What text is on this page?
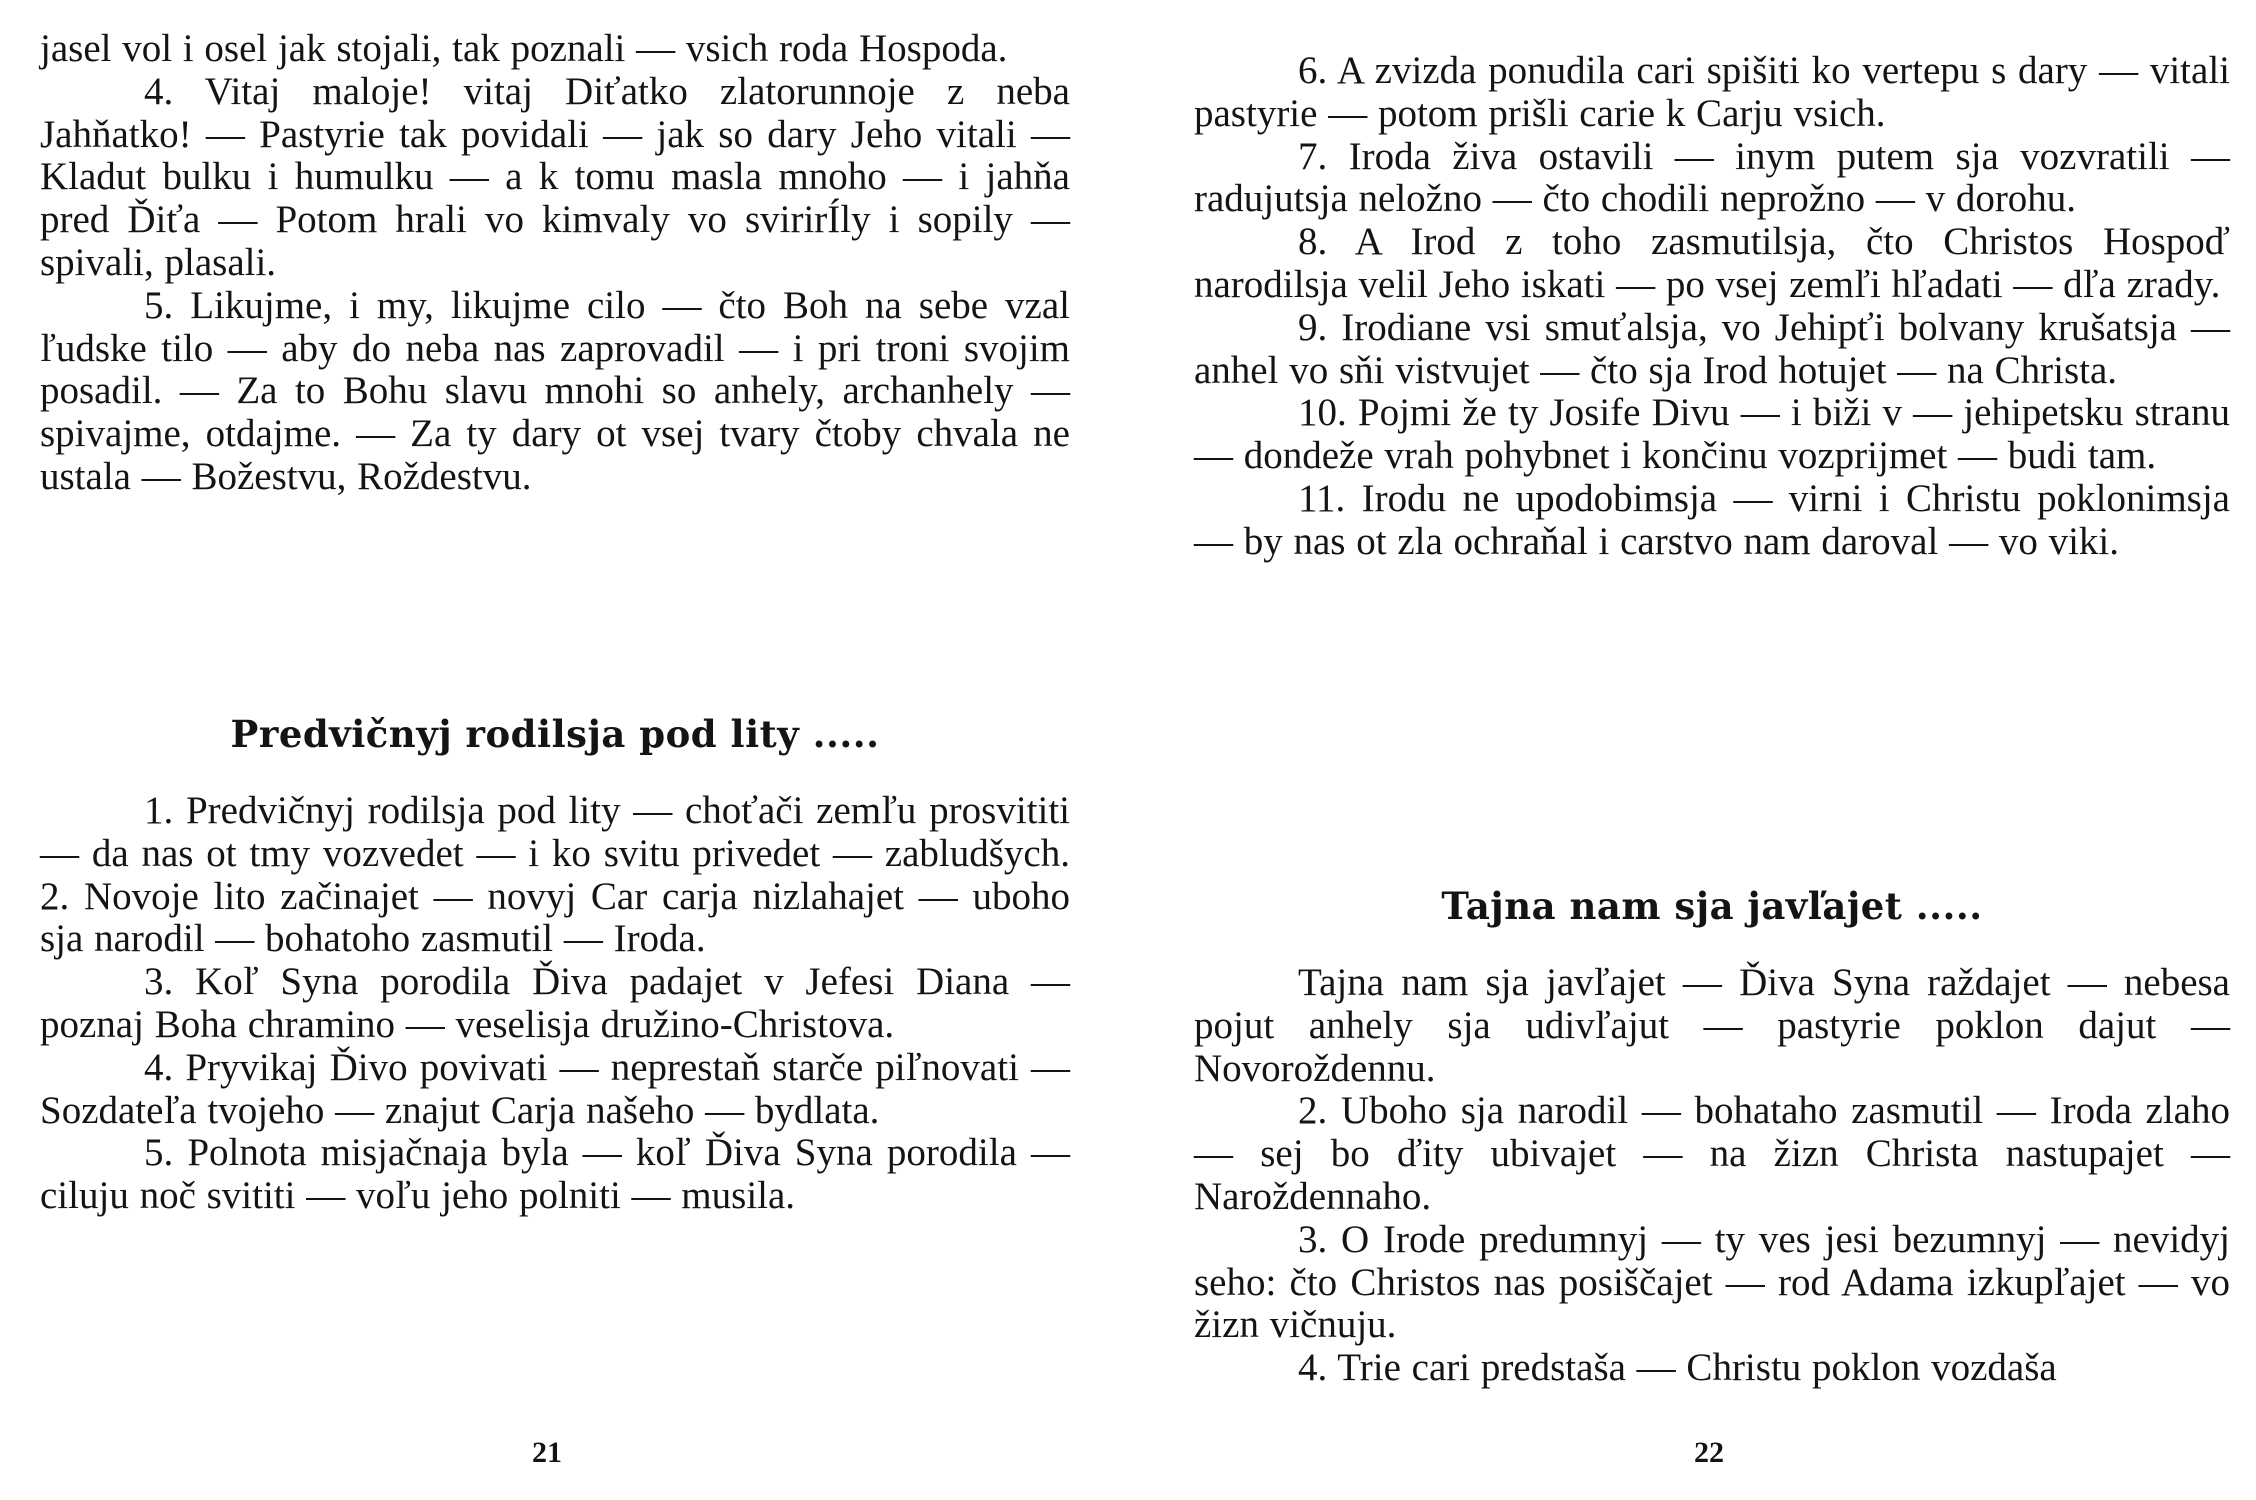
jasel vol i osel jak stojali, tak poznali — vsich roda Hospoda.

4. Vitaj maloje! vitaj Diťatko zlatorunnoje z neba Jahňatko! — Pastyrie tak povidali — jak so dary Jeho vitali — Kladut bulku i humulku — a k tomu masla mnoho — i jahňa pred Ďiťa — Potom hrali vo kimvaly vo svirirÍly i sopily — spivali, plasali.

5. Likujme, i my, likujme cilo — čto Boh na sebe vzal ľudske tilo — aby do neba nas zaprovadil — i pri troni svojim posadil. — Za to Bohu slavu mnohi so anhely, archanhely — spivajme, otdajme. — Za ty dary ot vsej tvary čtoby chvala ne ustala — Božestvu, Roždestvu.

Predvičnyj rodilsja pod lity .....

1. Predvičnyj rodilsja pod lity — choťači zemľu prosvititi — da nas ot tmy vozvedet — i ko svitu privedet — zabludšych. 2. Novoje lito začinajet — novyj Car carja nizlahajet — uboho sja narodil — bohatoho zasmutil — Iroda.

3. Koľ Syna porodila Ďiva padajet v Jefesi Diana — poznaj Boha chramino — veselisja družino-Christova.

4. Pryvikaj Ďivo povivati — neprestaň starče piľnovati — Sozdateľa tvojeho — znajut Carja našeho — bydlata.

5. Polnota misjačnaja byla — koľ Ďiva Syna porodila — ciluju noč svititi — voľu jeho polniti — musila.

21

6. A zvizda ponudila cari spišiti ko vertepu s dary — vitali pastyrie — potom prišli carie k Carju vsich.

7. Iroda živa ostavili — inym putem sja vozvratili — radujutsja neložno — čto chodili neprožno — v dorohu.

8. A Irod z toho zasmutilsja, čto Christos Hospoď narodilsja velil Jeho iskati — po vsej zemľi hľadati — dľa zrady.

9. Irodiane vsi smuťalsja, vo Jehipťi bolvany krušatsja — anhel vo sňi vistvujet — čto sja Irod hotujet — na Christa.

10. Pojmi že ty Josife Divu — i biži v — jehipetsku stranu — dondeže vrah pohybnet i končinu vozprijmet — budi tam.

11. Irodu ne upodobimsja — virni i Christu poklonimsja — by nas ot zla ochraňal i carstvo nam daroval — vo viki.

Tajna nam sja javľajet .....

Tajna nam sja javľajet — Ďiva Syna raždajet — nebesa pojut anhely sja udivľajut — pastyrie poklon dajut — Novoroždennu.

2. Uboho sja narodil — bohataho zasmutil — Iroda zlaho — sej bo ďity ubivajet — na žizn Christa nastupajet — Naroždennaho.

3. O Irode predumnyj — ty ves jesi bezumnyj — nevidyj seho: čto Christos nas posiščajet — rod Adama izkupľajet — vo žizn vičnuju.

4. Trie cari predstaša — Christu poklon vozdaša

22
